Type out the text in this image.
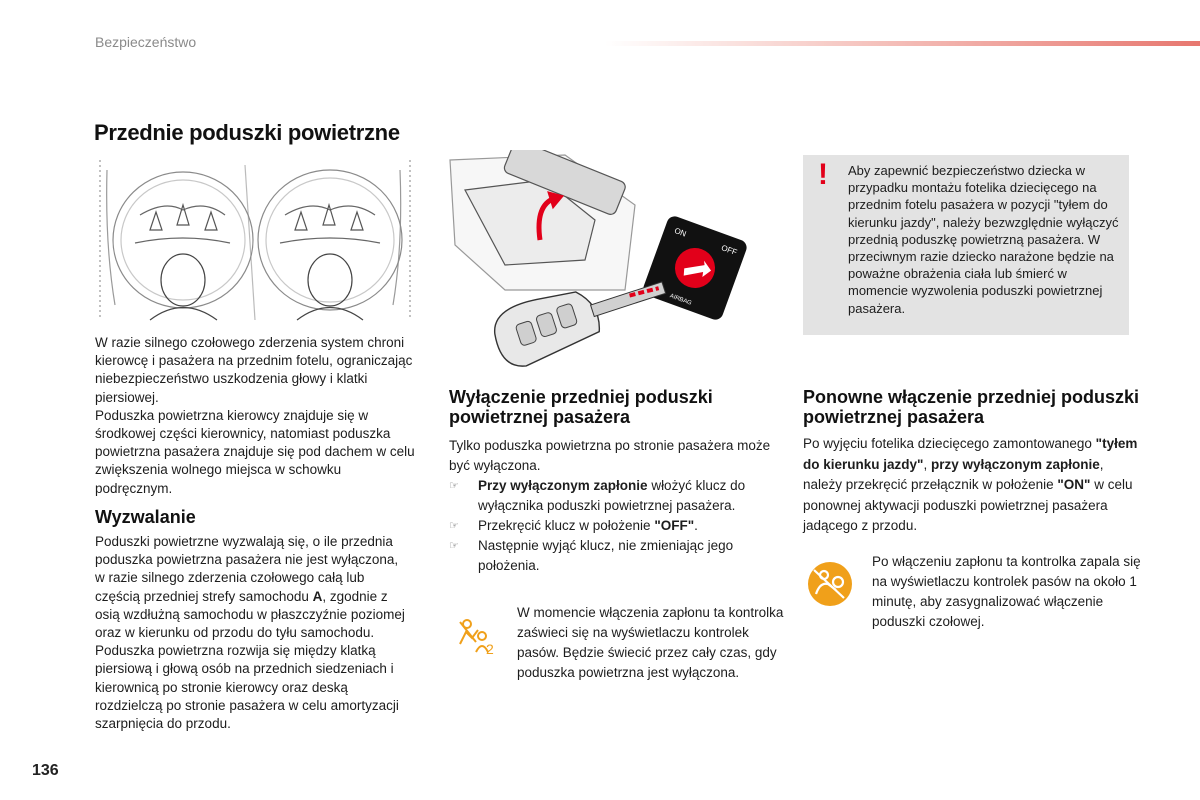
Bezpieczeństwo
Przednie poduszki powietrzne
ON
OFF
AIRBAG
! Aby zapewnić bezpieczeństwo dziecka w przypadku montażu fotelika dziecięcego na przednim fotelu pasażera w pozycji "tyłem do kierunku jazdy", należy bezwzględnie wyłączyć przednią poduszkę powietrzną pasażera. W przeciwnym razie dziecko narażone będzie na poważne obrażenia ciała lub śmierć w momencie wyzwolenia poduszki powietrznej pasażera.

W razie silnego czołowego zderzenia system chroni kierowcę i pasażera na przednim fotelu, ograniczając niebezpieczeństwo uszkodzenia głowy i klatki piersiowej.

Poduszka powietrzna kierowcy znajduje się w środkowej części kierownicy, natomiast poduszka powietrzna pasażera znajduje się pod dachem w celu zwiększenia wolnego miejsca w schowku podręcznym.

Wyzwalanie

Poduszki powietrzne wyzwalają się, o ile przednia poduszka powietrzna pasażera nie jest wyłączona, w razie silnego zderzenia czołowego całą lub częścią przedniej strefy samochodu A, zgodnie z osią wzdłużną samochodu w płaszczyźnie poziomej oraz w kierunku od przodu do tyłu samochodu.

Poduszka powietrzna rozwija się między klatką piersiową i głową osób na przednich siedzeniach i kierownicą po stronie kierowcy oraz deską rozdzielczą po stronie pasażera w celu amortyzacji szarpnięcia do przodu.

Wyłączenie przedniej poduszki powietrznej pasażera

Tylko poduszka powietrzna po stronie pasażera może być wyłączona.

☞ Przy wyłączonym zapłonie włożyć klucz do wyłącznika poduszki powietrznej pasażera.
☞ Przekręcić klucz w położenie "OFF".
☞ Następnie wyjąć klucz, nie zmieniając jego położenia.
2
W momencie włączenia zapłonu ta kontrolka zaświeci się na wyświetlaczu kontrolek pasów. Będzie świecić przez cały czas, gdy poduszka powietrzna jest wyłączona.
Ponowne włączenie przedniej poduszki powietrznej pasażera

Po wyjęciu fotelika dziecięcego zamontowanego "tyłem do kierunku jazdy", przy wyłączonym zapłonie, należy przekręcić przełącznik w położenie "ON" w celu ponownej aktywacji poduszki powietrznej pasażera jadącego z przodu.

Po włączeniu zapłonu ta kontrolka zapala się na wyświetlaczu kontrolek pasów na około 1 minutę, aby zasygnalizować włączenie poduszki czołowej.
136
